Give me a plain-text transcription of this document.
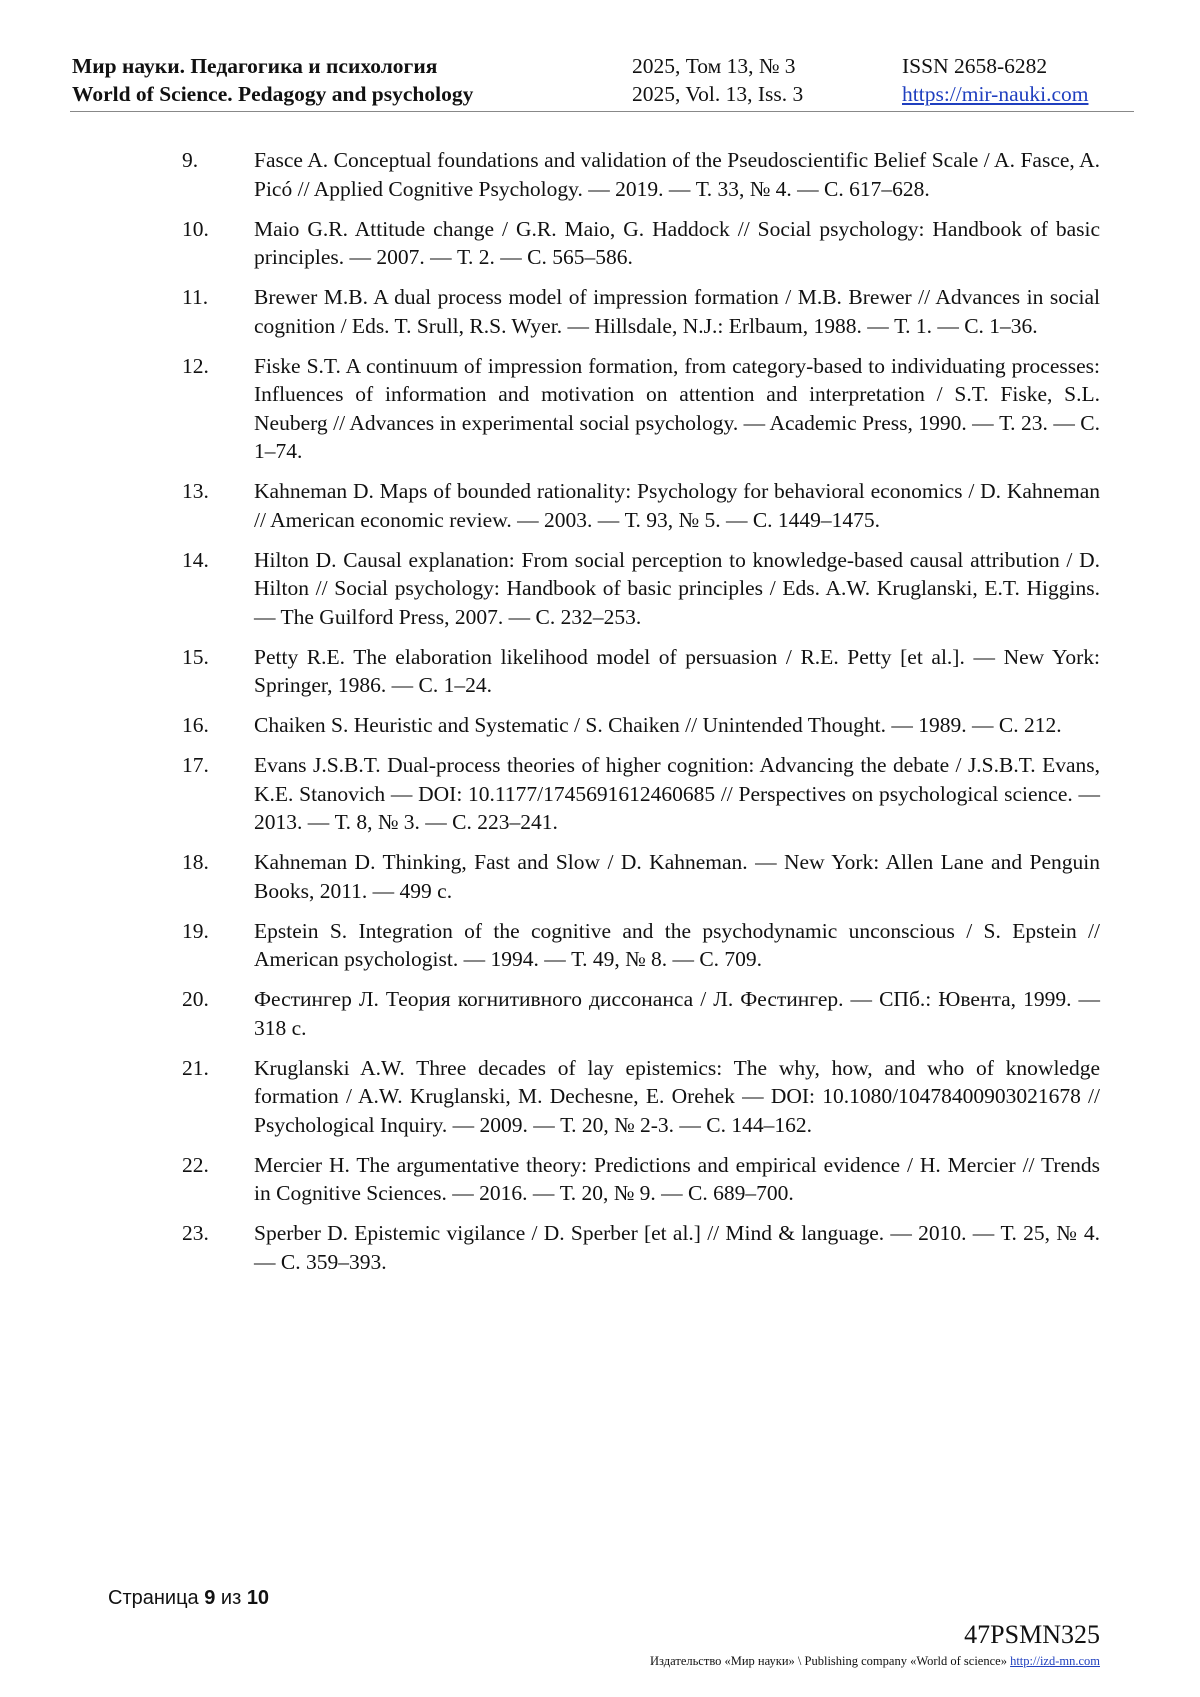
Мир науки. Педагогика и психология	2025, Том 13, № 3	ISSN 2658-6282
World of Science. Pedagogy and psychology	2025, Vol. 13, Iss. 3	https://mir-nauki.com
9.	Fasce A. Conceptual foundations and validation of the Pseudoscientific Belief Scale / A. Fasce, A. Picó // Applied Cognitive Psychology. — 2019. — Т. 33, № 4. — С. 617–628.
10.	Maio G.R. Attitude change / G.R. Maio, G. Haddock // Social psychology: Handbook of basic principles. — 2007. — Т. 2. — С. 565–586.
11.	Brewer M.B. A dual process model of impression formation / M.B. Brewer // Advances in social cognition / Eds. T. Srull, R.S. Wyer. — Hillsdale, N.J.: Erlbaum, 1988. — Т. 1. — С. 1–36.
12.	Fiske S.T. A continuum of impression formation, from category-based to individuating processes: Influences of information and motivation on attention and interpretation / S.T. Fiske, S.L. Neuberg // Advances in experimental social psychology. — Academic Press, 1990. — Т. 23. — С. 1–74.
13.	Kahneman D. Maps of bounded rationality: Psychology for behavioral economics / D. Kahneman // American economic review. — 2003. — Т. 93, № 5. — С. 1449–1475.
14.	Hilton D. Causal explanation: From social perception to knowledge-based causal attribution / D. Hilton // Social psychology: Handbook of basic principles / Eds. A.W. Kruglanski, E.T. Higgins. — The Guilford Press, 2007. — С. 232–253.
15.	Petty R.E. The elaboration likelihood model of persuasion / R.E. Petty [et al.]. — New York: Springer, 1986. — С. 1–24.
16.	Chaiken S. Heuristic and Systematic / S. Chaiken // Unintended Thought. — 1989. — С. 212.
17.	Evans J.S.B.T. Dual-process theories of higher cognition: Advancing the debate / J.S.B.T. Evans, K.E. Stanovich — DOI: 10.1177/1745691612460685 // Perspectives on psychological science. — 2013. — Т. 8, № 3. — С. 223–241.
18.	Kahneman D. Thinking, Fast and Slow / D. Kahneman. — New York: Allen Lane and Penguin Books, 2011. — 499 с.
19.	Epstein S. Integration of the cognitive and the psychodynamic unconscious / S. Epstein // American psychologist. — 1994. — Т. 49, № 8. — С. 709.
20.	Фестингер Л. Теория когнитивного диссонанса / Л. Фестингер. — СПб.: Ювента, 1999. — 318 с.
21.	Kruglanski A.W. Three decades of lay epistemics: The why, how, and who of knowledge formation / A.W. Kruglanski, M. Dechesne, E. Orehek — DOI: 10.1080/10478400903021678 // Psychological Inquiry. — 2009. — Т. 20, № 2-3. — С. 144–162.
22.	Mercier H. The argumentative theory: Predictions and empirical evidence / H. Mercier // Trends in Cognitive Sciences. — 2016. — Т. 20, № 9. — С. 689–700.
23.	Sperber D. Epistemic vigilance / D. Sperber [et al.] // Mind & language. — 2010. — Т. 25, № 4. — С. 359–393.
Страница 9 из 10
47PSMN325
Издательство «Мир науки» \ Publishing company «World of science» http://izd-mn.com
